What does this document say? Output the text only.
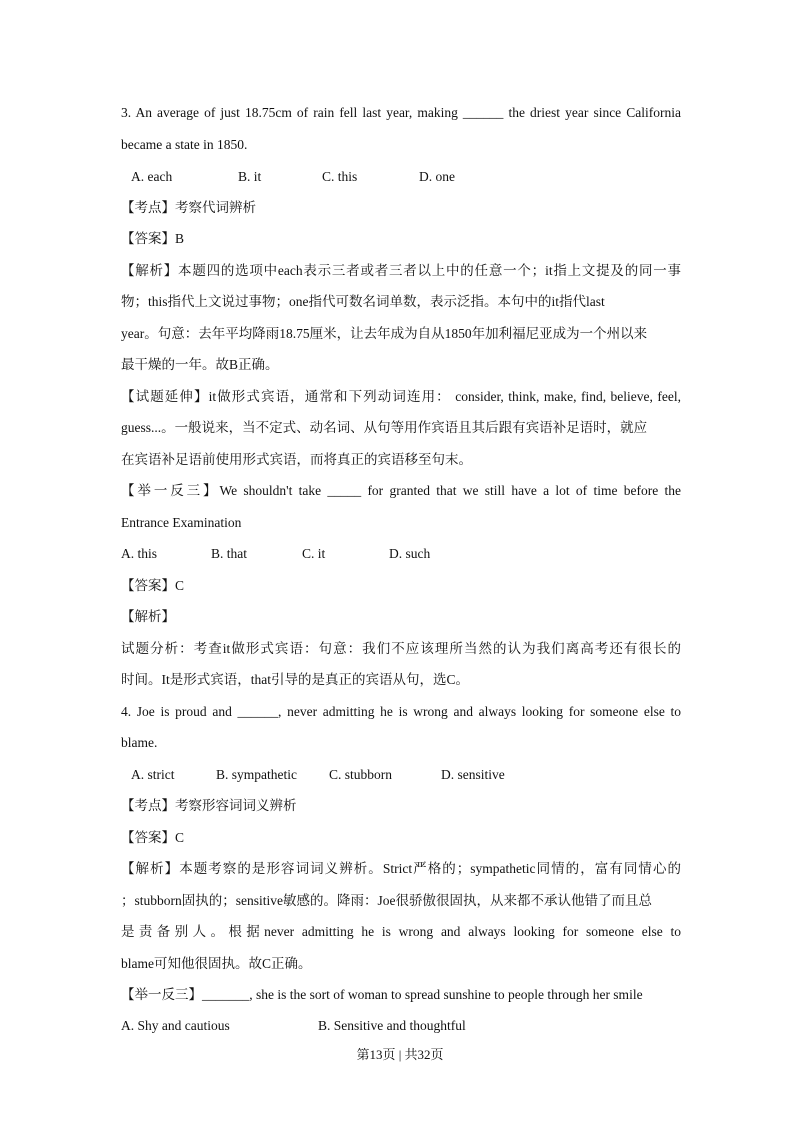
3. An average of just 18.75cm of rain fell last year, making ______ the driest year since California
became a state in 1850.
A. each	B. it	C. this	D. one
【考点】考察代词辨析
【答案】B
【解析】本题四的选项中each表示三者或者三者以上中的任意一个；it指上文提及的同一事
物；this指代上文说过事物；one指代可数名词单数，表示泛指。本句中的it指代last
year。句意：去年平均降雨18.75厘米，让去年成为自从1850年加利福尼亚成为一个州以来
最干燥的一年。故B正确。
【试题延伸】it做形式宾语，通常和下列动词连用： consider, think, make, find, believe, feel,
guess...。一般说来，当不定式、动名词、从句等用作宾语且其后跟有宾语补足语时，就应
在宾语补足语前使用形式宾语，而将真正的宾语移至句末。
【举一反三】We shouldn't take _____ for granted that we still have a lot of time before the
Entrance Examination
A. this	B. that	C. it	D. such
【答案】C
【解析】
试题分析：考查it做形式宾语：句意：我们不应该理所当然的认为我们离高考还有很长的
时间。It是形式宾语，that引导的是真正的宾语从句，选C。
4. Joe is proud and ______, never admitting he is wrong and always looking for someone else to
blame.
A. strict	B. sympathetic C. stubborn	D. sensitive
【考点】考察形容词词义辨析
【答案】C
【解析】本题考察的是形容词词义辨析。Strict严格的；sympathetic同情的，富有同情心的
；stubborn固执的；sensitive敏感的。降雨：Joe很骄傲很固执，从来都不承认他错了而且总
是责备别人。根据never admitting he is wrong and always looking for someone else to
blame可知他很固执。故C正确。
【举一反三】_______, she is the sort of woman to spread sunshine to people through her smile
A. Shy and cautious	B. Sensitive and thoughtful
第13页 | 共32页
